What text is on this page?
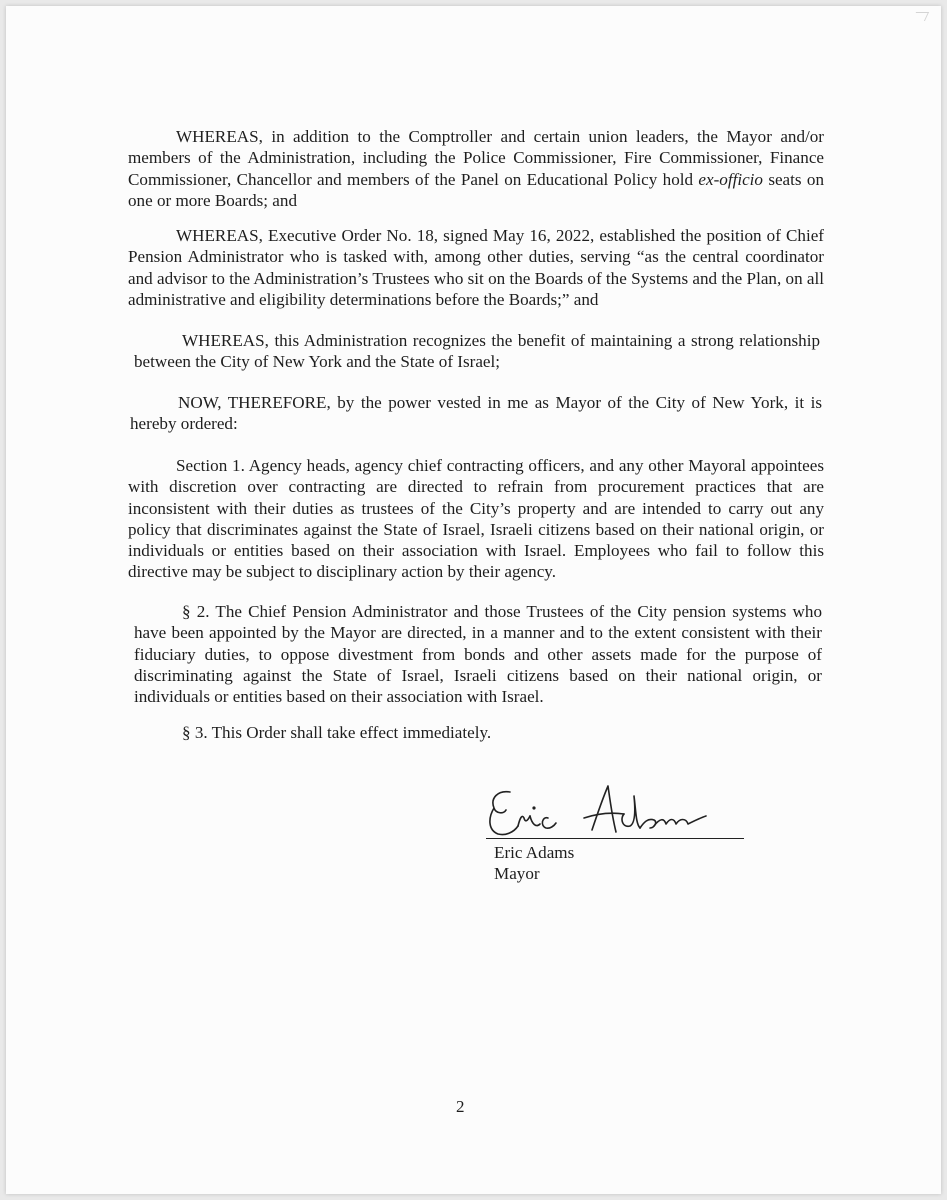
WHEREAS, in addition to the Comptroller and certain union leaders, the Mayor and/or members of the Administration, including the Police Commissioner, Fire Commissioner, Finance Commissioner, Chancellor and members of the Panel on Educational Policy hold ex-officio seats on one or more Boards; and

WHEREAS, Executive Order No. 18, signed May 16, 2022, established the position of Chief Pension Administrator who is tasked with, among other duties, serving “as the central coordinator and advisor to the Administration’s Trustees who sit on the Boards of the Systems and the Plan, on all administrative and eligibility determinations before the Boards;” and

WHEREAS, this Administration recognizes the benefit of maintaining a strong relationship between the City of New York and the State of Israel;

NOW, THEREFORE, by the power vested in me as Mayor of the City of New York, it is hereby ordered:

Section 1. Agency heads, agency chief contracting officers, and any other Mayoral appointees with discretion over contracting are directed to refrain from procurement practices that are inconsistent with their duties as trustees of the City’s property and are intended to carry out any policy that discriminates against the State of Israel, Israeli citizens based on their national origin, or individuals or entities based on their association with Israel. Employees who fail to follow this directive may be subject to disciplinary action by their agency.

§ 2. The Chief Pension Administrator and those Trustees of the City pension systems who have been appointed by the Mayor are directed, in a manner and to the extent consistent with their fiduciary duties, to oppose divestment from bonds and other assets made for the purpose of discriminating against the State of Israel, Israeli citizens based on their national origin, or individuals or entities based on their association with Israel.

§ 3. This Order shall take effect immediately.

Eric Adams
Mayor
2
